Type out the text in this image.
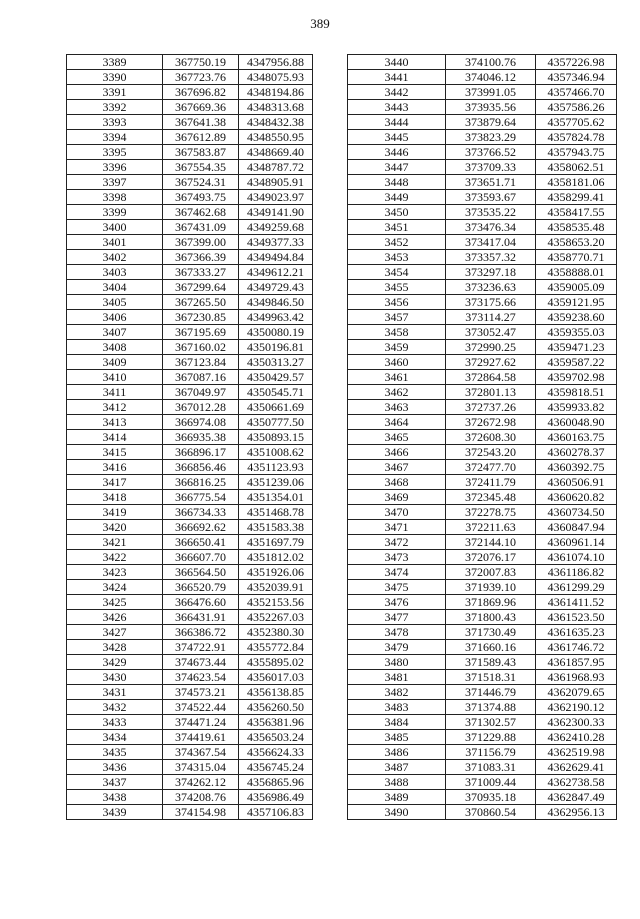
389
3389	367750.19	4347956.88
3390	367723.76	4348075.93
3391	367696.82	4348194.86
3392	367669.36	4348313.68
3393	367641.38	4348432.38
3394	367612.89	4348550.95
3395	367583.87	4348669.40
3396	367554.35	4348787.72
3397	367524.31	4348905.91
3398	367493.75	4349023.97
3399	367462.68	4349141.90
3400	367431.09	4349259.68
3401	367399.00	4349377.33
3402	367366.39	4349494.84
3403	367333.27	4349612.21
3404	367299.64	4349729.43
3405	367265.50	4349846.50
3406	367230.85	4349963.42
3407	367195.69	4350080.19
3408	367160.02	4350196.81
3409	367123.84	4350313.27
3410	367087.16	4350429.57
3411	367049.97	4350545.71
3412	367012.28	4350661.69
3413	366974.08	4350777.50
3414	366935.38	4350893.15
3415	366896.17	4351008.62
3416	366856.46	4351123.93
3417	366816.25	4351239.06
3418	366775.54	4351354.01
3419	366734.33	4351468.78
3420	366692.62	4351583.38
3421	366650.41	4351697.79
3422	366607.70	4351812.02
3423	366564.50	4351926.06
3424	366520.79	4352039.91
3425	366476.60	4352153.56
3426	366431.91	4352267.03
3427	366386.72	4352380.30
3428	374722.91	4355772.84
3429	374673.44	4355895.02
3430	374623.54	4356017.03
3431	374573.21	4356138.85
3432	374522.44	4356260.50
3433	374471.24	4356381.96
3434	374419.61	4356503.24
3435	374367.54	4356624.33
3436	374315.04	4356745.24
3437	374262.12	4356865.96
3438	374208.76	4356986.49
3439	374154.98	4357106.83
3440	374100.76	4357226.98
3441	374046.12	4357346.94
3442	373991.05	4357466.70
3443	373935.56	4357586.26
3444	373879.64	4357705.62
3445	373823.29	4357824.78
3446	373766.52	4357943.75
3447	373709.33	4358062.51
3448	373651.71	4358181.06
3449	373593.67	4358299.41
3450	373535.22	4358417.55
3451	373476.34	4358535.48
3452	373417.04	4358653.20
3453	373357.32	4358770.71
3454	373297.18	4358888.01
3455	373236.63	4359005.09
3456	373175.66	4359121.95
3457	373114.27	4359238.60
3458	373052.47	4359355.03
3459	372990.25	4359471.23
3460	372927.62	4359587.22
3461	372864.58	4359702.98
3462	372801.13	4359818.51
3463	372737.26	4359933.82
3464	372672.98	4360048.90
3465	372608.30	4360163.75
3466	372543.20	4360278.37
3467	372477.70	4360392.75
3468	372411.79	4360506.91
3469	372345.48	4360620.82
3470	372278.75	4360734.50
3471	372211.63	4360847.94
3472	372144.10	4360961.14
3473	372076.17	4361074.10
3474	372007.83	4361186.82
3475	371939.10	4361299.29
3476	371869.96	4361411.52
3477	371800.43	4361523.50
3478	371730.49	4361635.23
3479	371660.16	4361746.72
3480	371589.43	4361857.95
3481	371518.31	4361968.93
3482	371446.79	4362079.65
3483	371374.88	4362190.12
3484	371302.57	4362300.33
3485	371229.88	4362410.28
3486	371156.79	4362519.98
3487	371083.31	4362629.41
3488	371009.44	4362738.58
3489	370935.18	4362847.49
3490	370860.54	4362956.13
